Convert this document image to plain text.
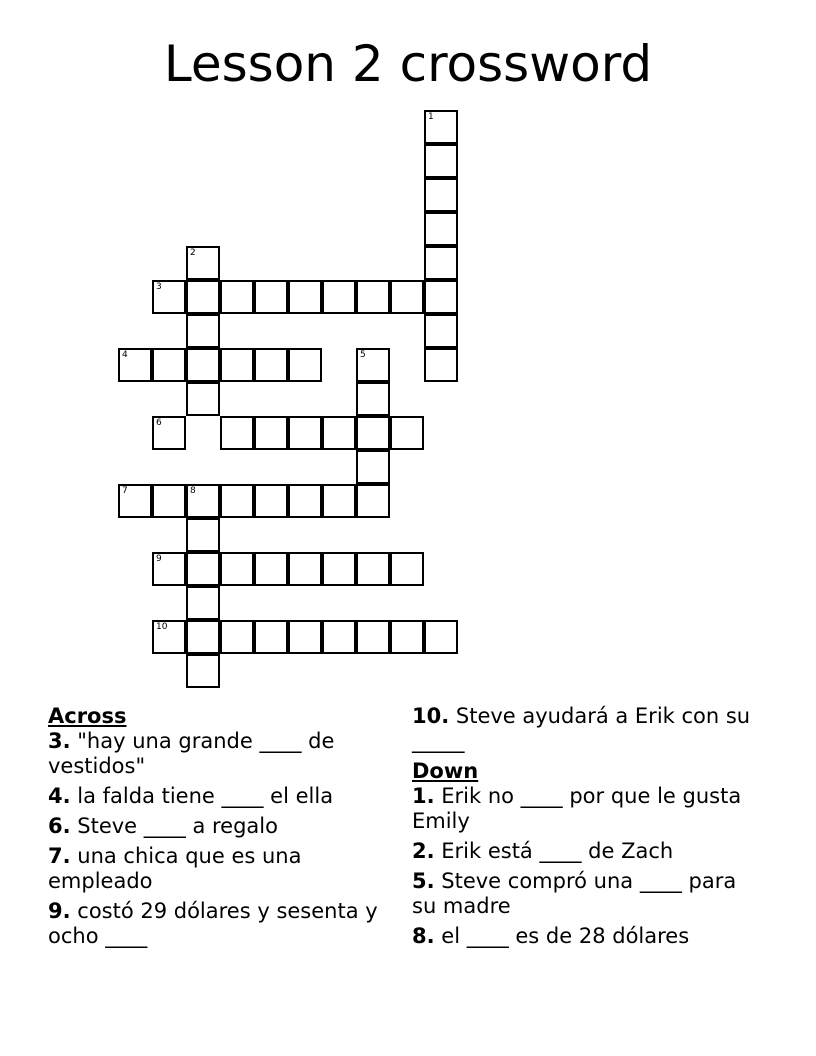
Lesson 2 crossword
1
2
3
4	5
6
7	8
9
10
Across
3. "hay una grande ____ de vestidos"
4. la falda tiene ____ el ella
6. Steve ____ a regalo
7. una chica que es una empleado
9. costó 29 dólares y sesenta y ocho ____
10. Steve ayudará a Erik con su _____
Down
1. Erik no ____ por que le gusta Emily
2. Erik está ____ de Zach
5. Steve compró una ____ para su madre
8. el ____ es de 28 dólares
